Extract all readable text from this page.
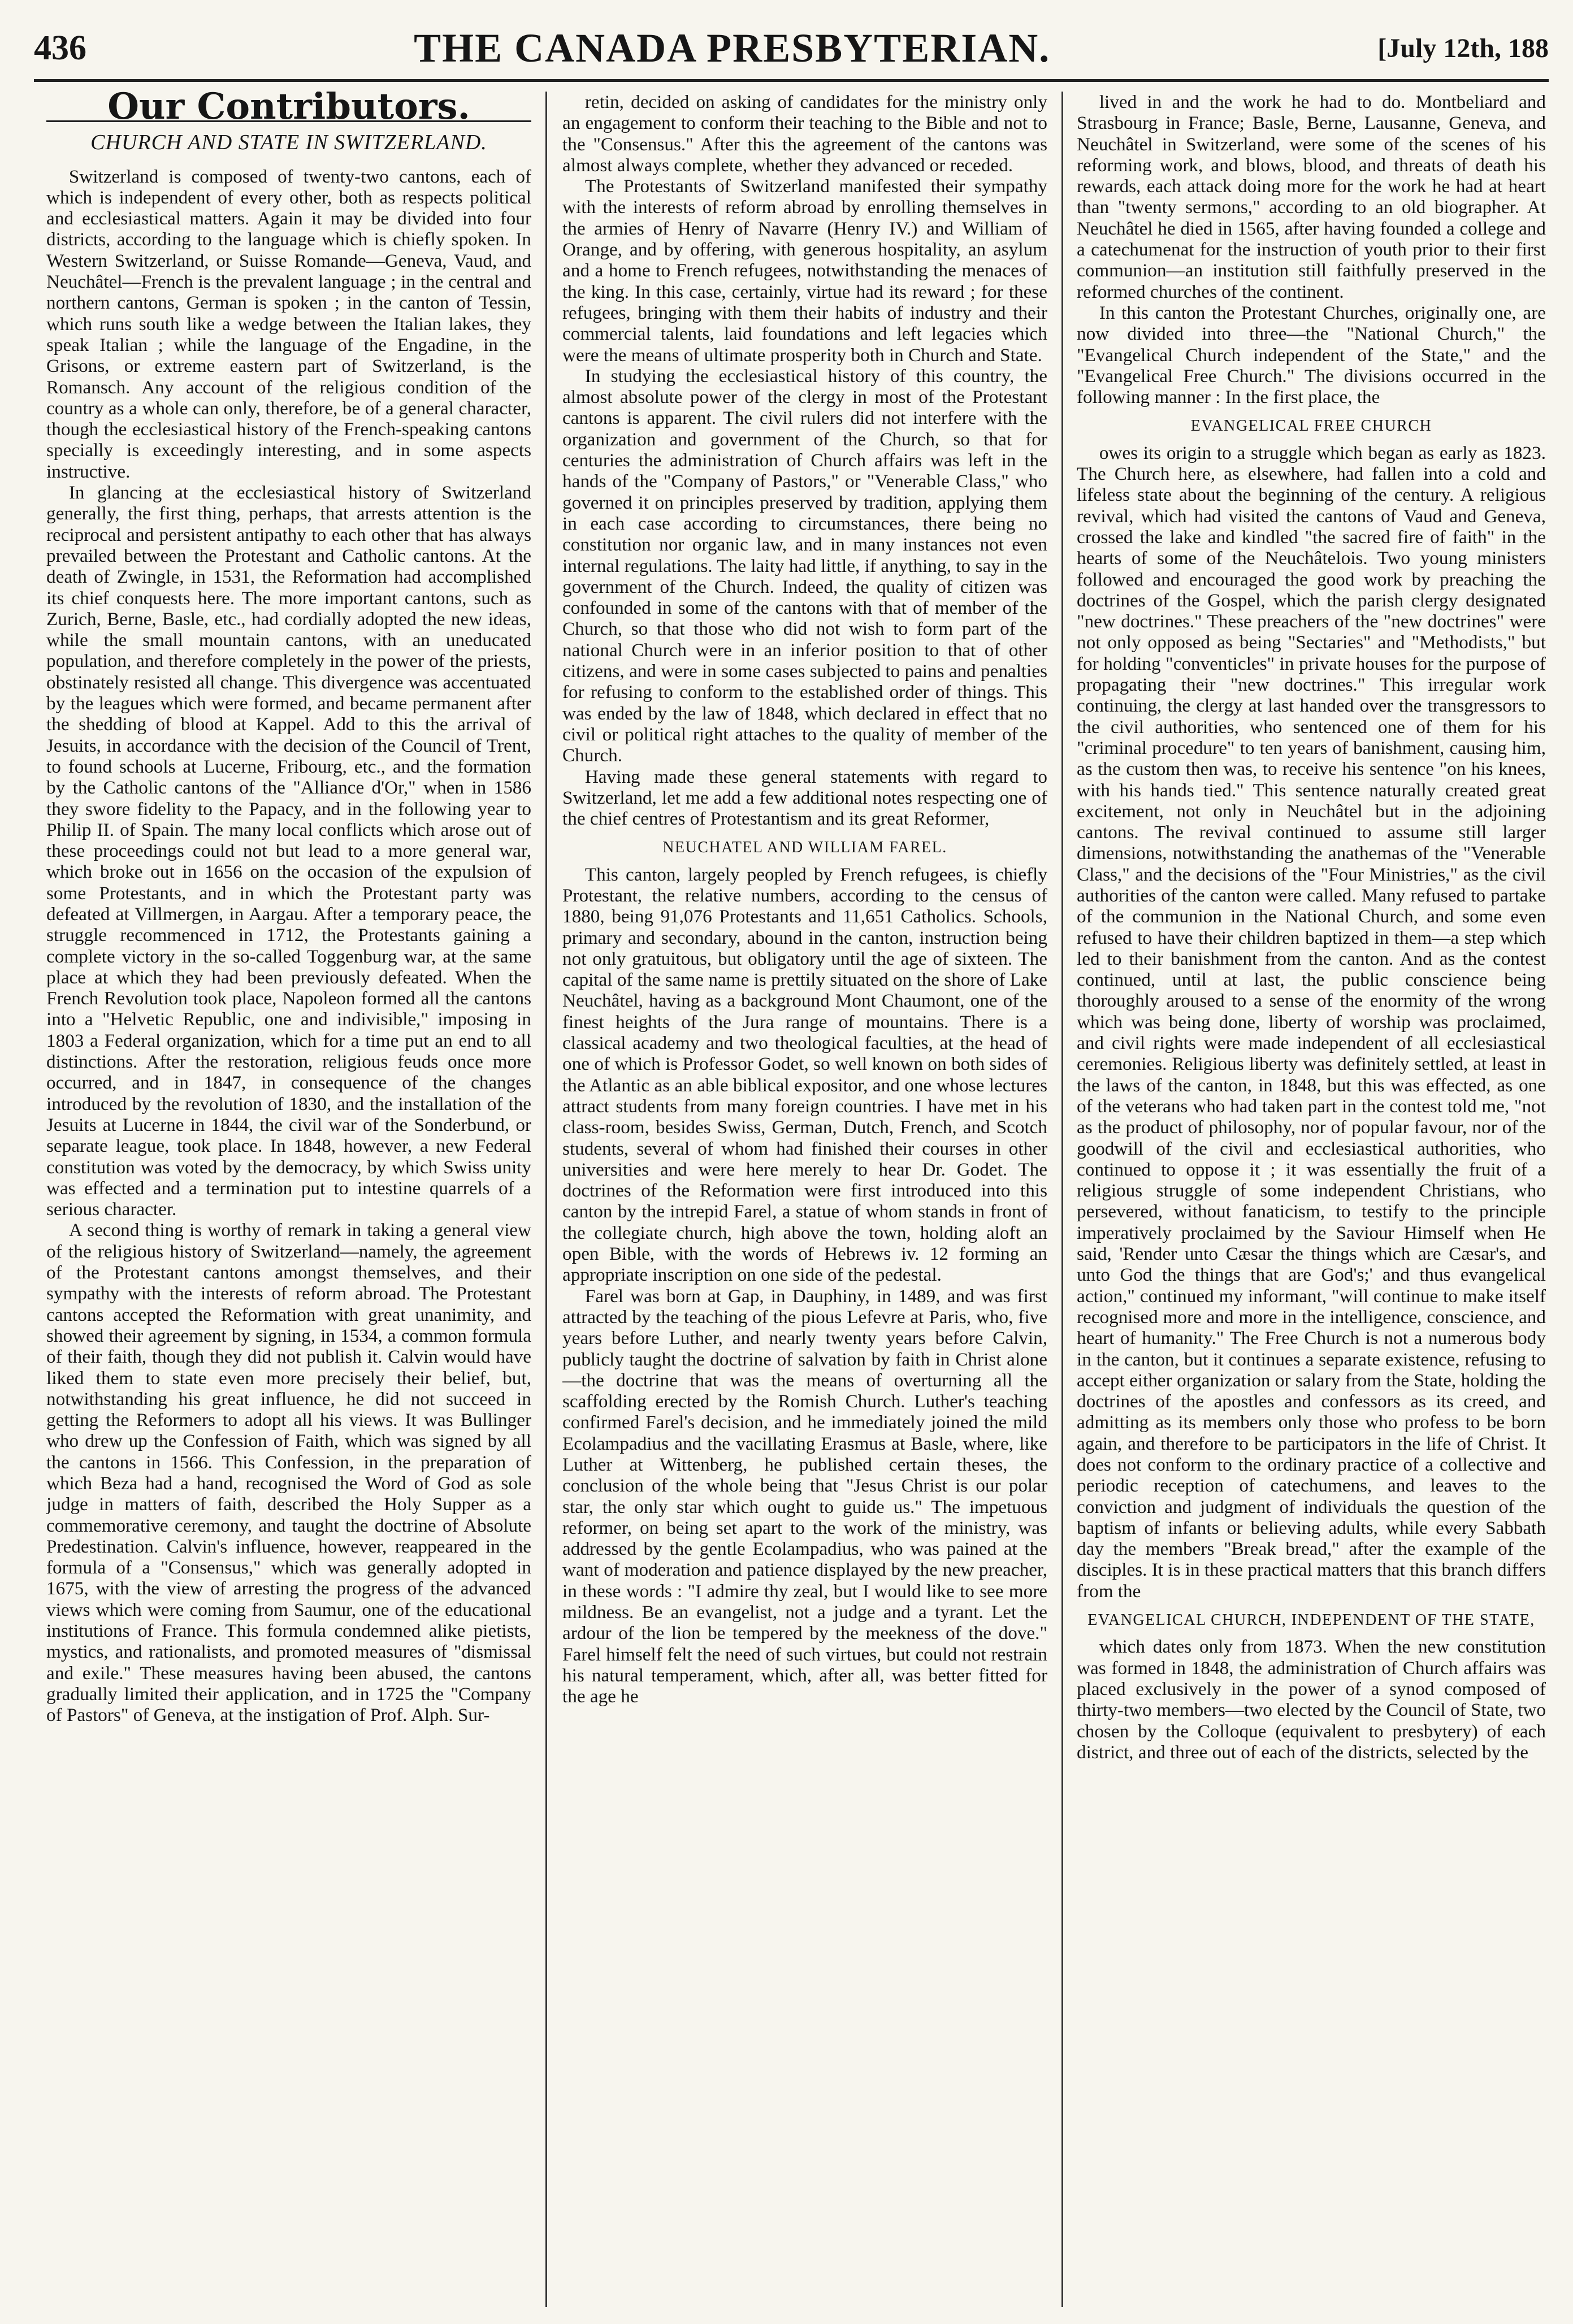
436	THE CANADA PRESBYTERIAN.	[July 12th, 188
Our Contributors.
CHURCH AND STATE IN SWITZERLAND.

Switzerland is composed of twenty-two cantons, each of which is independent of every other, both as respects political and ecclesiastical matters. Again it may be divided into four districts, according to the language which is chiefly spoken. In Western Switzerland, or Suisse Romande—Geneva, Vaud, and Neuchâtel—French is the prevalent language ; in the central and northern cantons, German is spoken ; in the canton of Tessin, which runs south like a wedge between the Italian lakes, they speak Italian ; while the language of the Engadine, in the Grisons, or extreme eastern part of Switzerland, is the Romansch. Any account of the religious condition of the country as a whole can only, therefore, be of a general character, though the ecclesiastical history of the French-speaking cantons specially is exceedingly interesting, and in some aspects instructive.

In glancing at the ecclesiastical history of Switzerland generally, the first thing, perhaps, that arrests attention is the reciprocal and persistent antipathy to each other that has always prevailed between the Protestant and Catholic cantons. At the death of Zwingle, in 1531, the Reformation had accomplished its chief conquests here. The more important cantons, such as Zurich, Berne, Basle, etc., had cordially adopted the new ideas, while the small mountain cantons, with an uneducated population, and therefore completely in the power of the priests, obstinately resisted all change. This divergence was accentuated by the leagues which were formed, and became permanent after the shedding of blood at Kappel. Add to this the arrival of Jesuits, in accordance with the decision of the Council of Trent, to found schools at Lucerne, Fribourg, etc., and the formation by the Catholic cantons of the "Alliance d'Or," when in 1586 they swore fidelity to the Papacy, and in the following year to Philip II. of Spain. The many local conflicts which arose out of these proceedings could not but lead to a more general war, which broke out in 1656 on the occasion of the expulsion of some Protestants, and in which the Protestant party was defeated at Villmergen, in Aargau. After a temporary peace, the struggle recommenced in 1712, the Protestants gaining a complete victory in the so-called Toggenburg war, at the same place at which they had been previously defeated. When the French Revolution took place, Napoleon formed all the cantons into a "Helvetic Republic, one and indivisible," imposing in 1803 a Federal organization, which for a time put an end to all distinctions. After the restoration, religious feuds once more occurred, and in 1847, in consequence of the changes introduced by the revolution of 1830, and the installation of the Jesuits at Lucerne in 1844, the civil war of the Sonderbund, or separate league, took place. In 1848, however, a new Federal constitution was voted by the democracy, by which Swiss unity was effected and a termination put to intestine quarrels of a serious character.

A second thing is worthy of remark in taking a general view of the religious history of Switzerland—namely, the agreement of the Protestant cantons amongst themselves, and their sympathy with the interests of reform abroad. The Protestant cantons accepted the Reformation with great unanimity, and showed their agreement by signing, in 1534, a common formula of their faith, though they did not publish it. Calvin would have liked them to state even more precisely their belief, but, notwithstanding his great influence, he did not succeed in getting the Reformers to adopt all his views. It was Bullinger who drew up the Confession of Faith, which was signed by all the cantons in 1566. This Confession, in the preparation of which Beza had a hand, recognised the Word of God as sole judge in matters of faith, described the Holy Supper as a commemorative ceremony, and taught the doctrine of Absolute Predestination. Calvin's influence, however, reappeared in the formula of a "Consensus," which was generally adopted in 1675, with the view of arresting the progress of the advanced views which were coming from Saumur, one of the educational institutions of France. This formula condemned alike pietists, mystics, and rationalists, and promoted measures of "dismissal and exile." These measures having been abused, the cantons gradually limited their application, and in 1725 the "Company of Pastors" of Geneva, at the instigation of Prof. Alph. Sur-

retin, decided on asking of candidates for the ministry only an engagement to conform their teaching to the Bible and not to the "Consensus." After this the agreement of the cantons was almost always complete, whether they advanced or receded.

The Protestants of Switzerland manifested their sympathy with the interests of reform abroad by enrolling themselves in the armies of Henry of Navarre (Henry IV.) and William of Orange, and by offering, with generous hospitality, an asylum and a home to French refugees, notwithstanding the menaces of the king. In this case, certainly, virtue had its reward ; for these refugees, bringing with them their habits of industry and their commercial talents, laid foundations and left legacies which were the means of ultimate prosperity both in Church and State.

In studying the ecclesiastical history of this country, the almost absolute power of the clergy in most of the Protestant cantons is apparent. The civil rulers did not interfere with the organization and government of the Church, so that for centuries the administration of Church affairs was left in the hands of the "Company of Pastors," or "Venerable Class," who governed it on principles preserved by tradition, applying them in each case according to circumstances, there being no constitution nor organic law, and in many instances not even internal regulations. The laity had little, if anything, to say in the government of the Church. Indeed, the quality of citizen was confounded in some of the cantons with that of member of the Church, so that those who did not wish to form part of the national Church were in an inferior position to that of other citizens, and were in some cases subjected to pains and penalties for refusing to conform to the established order of things. This was ended by the law of 1848, which declared in effect that no civil or political right attaches to the quality of member of the Church.

Having made these general statements with regard to Switzerland, let me add a few additional notes respecting one of the chief centres of Protestantism and its great Reformer,

NEUCHATEL AND WILLIAM FAREL.

This canton, largely peopled by French refugees, is chiefly Protestant, the relative numbers, according to the census of 1880, being 91,076 Protestants and 11,651 Catholics. Schools, primary and secondary, abound in the canton, instruction being not only gratuitous, but obligatory until the age of sixteen. The capital of the same name is prettily situated on the shore of Lake Neuchâtel, having as a background Mont Chaumont, one of the finest heights of the Jura range of mountains. There is a classical academy and two theological faculties, at the head of one of which is Professor Godet, so well known on both sides of the Atlantic as an able biblical expositor, and one whose lectures attract students from many foreign countries. I have met in his class-room, besides Swiss, German, Dutch, French, and Scotch students, several of whom had finished their courses in other universities and were here merely to hear Dr. Godet. The doctrines of the Reformation were first introduced into this canton by the intrepid Farel, a statue of whom stands in front of the collegiate church, high above the town, holding aloft an open Bible, with the words of Hebrews iv. 12 forming an appropriate inscription on one side of the pedestal.

Farel was born at Gap, in Dauphiny, in 1489, and was first attracted by the teaching of the pious Lefevre at Paris, who, five years before Luther, and nearly twenty years before Calvin, publicly taught the doctrine of salvation by faith in Christ alone—the doctrine that was the means of overturning all the scaffolding erected by the Romish Church. Luther's teaching confirmed Farel's decision, and he immediately joined the mild Ecolampadius and the vacillating Erasmus at Basle, where, like Luther at Wittenberg, he published certain theses, the conclusion of the whole being that "Jesus Christ is our polar star, the only star which ought to guide us." The impetuous reformer, on being set apart to the work of the ministry, was addressed by the gentle Ecolampadius, who was pained at the want of moderation and patience displayed by the new preacher, in these words : "I admire thy zeal, but I would like to see more mildness. Be an evangelist, not a judge and a tyrant. Let the ardour of the lion be tempered by the meekness of the dove." Farel himself felt the need of such virtues, but could not restrain his natural temperament, which, after all, was better fitted for the age he

lived in and the work he had to do. Montbeliard and Strasbourg in France; Basle, Berne, Lausanne, Geneva, and Neuchâtel in Switzerland, were some of the scenes of his reforming work, and blows, blood, and threats of death his rewards, each attack doing more for the work he had at heart than "twenty sermons," according to an old biographer. At Neuchâtel he died in 1565, after having founded a college and a catechumenat for the instruction of youth prior to their first communion—an institution still faithfully preserved in the reformed churches of the continent.

In this canton the Protestant Churches, originally one, are now divided into three—the "National Church," the "Evangelical Church independent of the State," and the "Evangelical Free Church." The divisions occurred in the following manner : In the first place, the

EVANGELICAL FREE CHURCH

owes its origin to a struggle which began as early as 1823. The Church here, as elsewhere, had fallen into a cold and lifeless state about the beginning of the century. A religious revival, which had visited the cantons of Vaud and Geneva, crossed the lake and kindled "the sacred fire of faith" in the hearts of some of the Neuchâtelois. Two young ministers followed and encouraged the good work by preaching the doctrines of the Gospel, which the parish clergy designated "new doctrines." These preachers of the "new doctrines" were not only opposed as being "Sectaries" and "Methodists," but for holding "conventicles" in private houses for the purpose of propagating their "new doctrines." This irregular work continuing, the clergy at last handed over the transgressors to the civil authorities, who sentenced one of them for his "criminal procedure" to ten years of banishment, causing him, as the custom then was, to receive his sentence "on his knees, with his hands tied." This sentence naturally created great excitement, not only in Neuchâtel but in the adjoining cantons. The revival continued to assume still larger dimensions, notwithstanding the anathemas of the "Venerable Class," and the decisions of the "Four Ministries," as the civil authorities of the canton were called. Many refused to partake of the communion in the National Church, and some even refused to have their children baptized in them—a step which led to their banishment from the canton. And as the contest continued, until at last, the public conscience being thoroughly aroused to a sense of the enormity of the wrong which was being done, liberty of worship was proclaimed, and civil rights were made independent of all ecclesiastical ceremonies. Religious liberty was definitely settled, at least in the laws of the canton, in 1848, but this was effected, as one of the veterans who had taken part in the contest told me, "not as the product of philosophy, nor of popular favour, nor of the goodwill of the civil and ecclesiastical authorities, who continued to oppose it ; it was essentially the fruit of a religious struggle of some independent Christians, who persevered, without fanaticism, to testify to the principle imperatively proclaimed by the Saviour Himself when He said, 'Render unto Cæsar the things which are Cæsar's, and unto God the things that are God's;' and thus evangelical action," continued my informant, "will continue to make itself recognised more and more in the intelligence, conscience, and heart of humanity." The Free Church is not a numerous body in the canton, but it continues a separate existence, refusing to accept either organization or salary from the State, holding the doctrines of the apostles and confessors as its creed, and admitting as its members only those who profess to be born again, and therefore to be participators in the life of Christ. It does not conform to the ordinary practice of a collective and periodic reception of catechumens, and leaves to the conviction and judgment of individuals the question of the baptism of infants or believing adults, while every Sabbath day the members "Break bread," after the example of the disciples. It is in these practical matters that this branch differs from the

EVANGELICAL CHURCH, INDEPENDENT OF THE STATE,

which dates only from 1873. When the new constitution was formed in 1848, the administration of Church affairs was placed exclusively in the power of a synod composed of thirty-two members—two elected by the Council of State, two chosen by the Colloque (equivalent to presbytery) of each district, and three out of each of the districts, selected by the
